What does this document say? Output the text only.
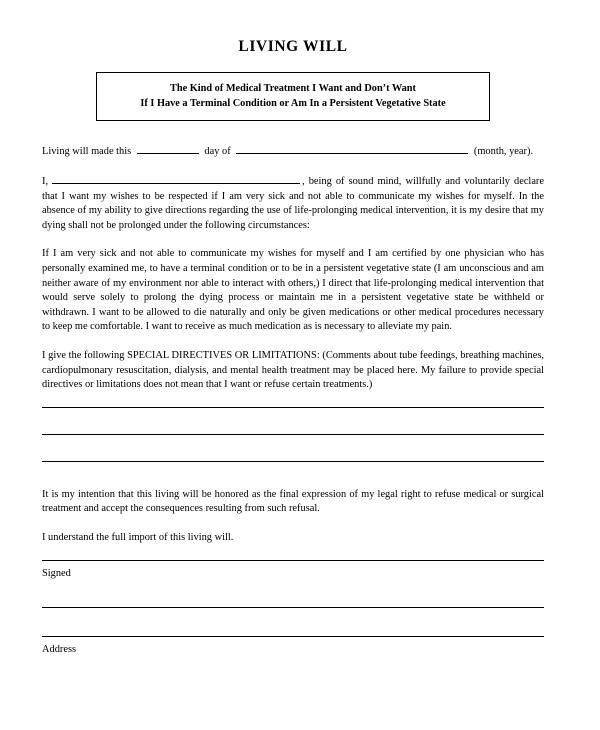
LIVING WILL
The Kind of Medical Treatment I Want and Don’t Want
If I Have a Terminal Condition or Am In a Persistent Vegetative State
Living will made this	day of	(month, year).

I,	, being of sound mind, willfully and voluntarily declare that I want my wishes to be respected if I am very sick and not able to communicate my wishes for myself. In the absence of my ability to give directions regarding the use of life-prolonging medical intervention, it is my desire that my dying shall not be prolonged under the following circumstances:

If I am very sick and not able to communicate my wishes for myself and I am certified by one physician who has personally examined me, to have a terminal condition or to be in a persistent vegetative state (I am unconscious and am neither aware of my environment nor able to interact with others,) I direct that life-prolonging medical intervention that would serve solely to prolong the dying process or maintain me in a persistent vegetative state be withheld or withdrawn. I want to be allowed to die naturally and only be given medications or other medical procedures necessary to keep me comfortable. I want to receive as much medication as is necessary to alleviate my pain.

I give the following SPECIAL DIRECTIVES OR LIMITATIONS: (Comments about tube feedings, breathing machines, cardiopulmonary resuscitation, dialysis, and mental health treatment may be placed here. My failure to provide special directives or limitations does not mean that I want or refuse certain treatments.)

It is my intention that this living will be honored as the final expression of my legal right to refuse medical or surgical treatment and accept the consequences resulting from such refusal.

I understand the full import of this living will.

Signed

Address
